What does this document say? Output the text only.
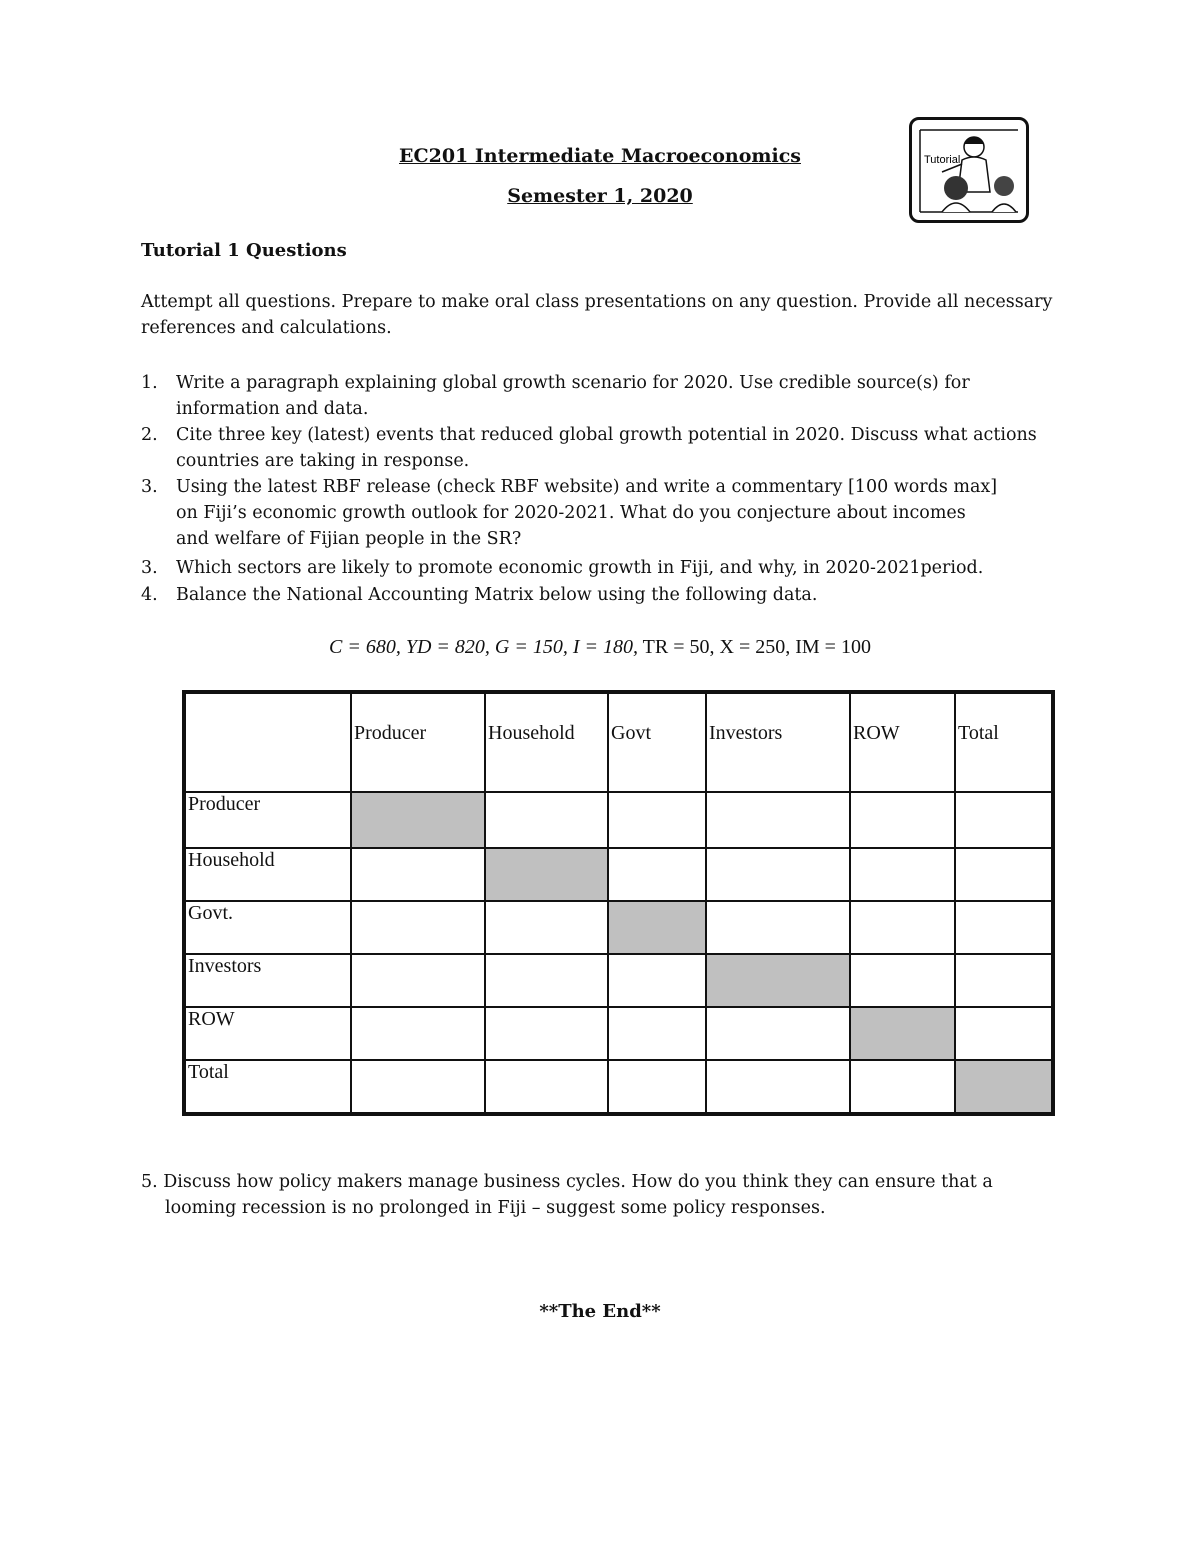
EC201 Intermediate Macroeconomics
Semester 1, 2020
Tutorial
Tutorial 1 Questions
Attempt all questions. Prepare to make oral class presentations on any question. Provide all necessary references and calculations.
1. Write a paragraph explaining global growth scenario for 2020. Use credible source(s) for
information and data.
2. Cite three key (latest) events that reduced global growth potential in 2020. Discuss what actions
countries are taking in response.
3. Using the latest RBF release (check RBF website) and write a commentary [100 words max]
on Fiji’s economic growth outlook for 2020-2021. What do you conjecture about incomes
and welfare of Fijian people in the SR?
3. Which sectors are likely to promote economic growth in Fiji, and why, in 2020-2021period.
4. Balance the National Accounting Matrix below using the following data.
C = 680, YD = 820, G = 150, I = 180, TR = 50, X = 250, IM = 100
	Producer	Household	Govt	Investors	ROW	Total
Producer						
Household						
Govt.						
Investors						
ROW						
Total						
5. Discuss how policy makers manage business cycles. How do you think they can ensure that a
looming recession is no prolonged in Fiji – suggest some policy responses.
**The End**
